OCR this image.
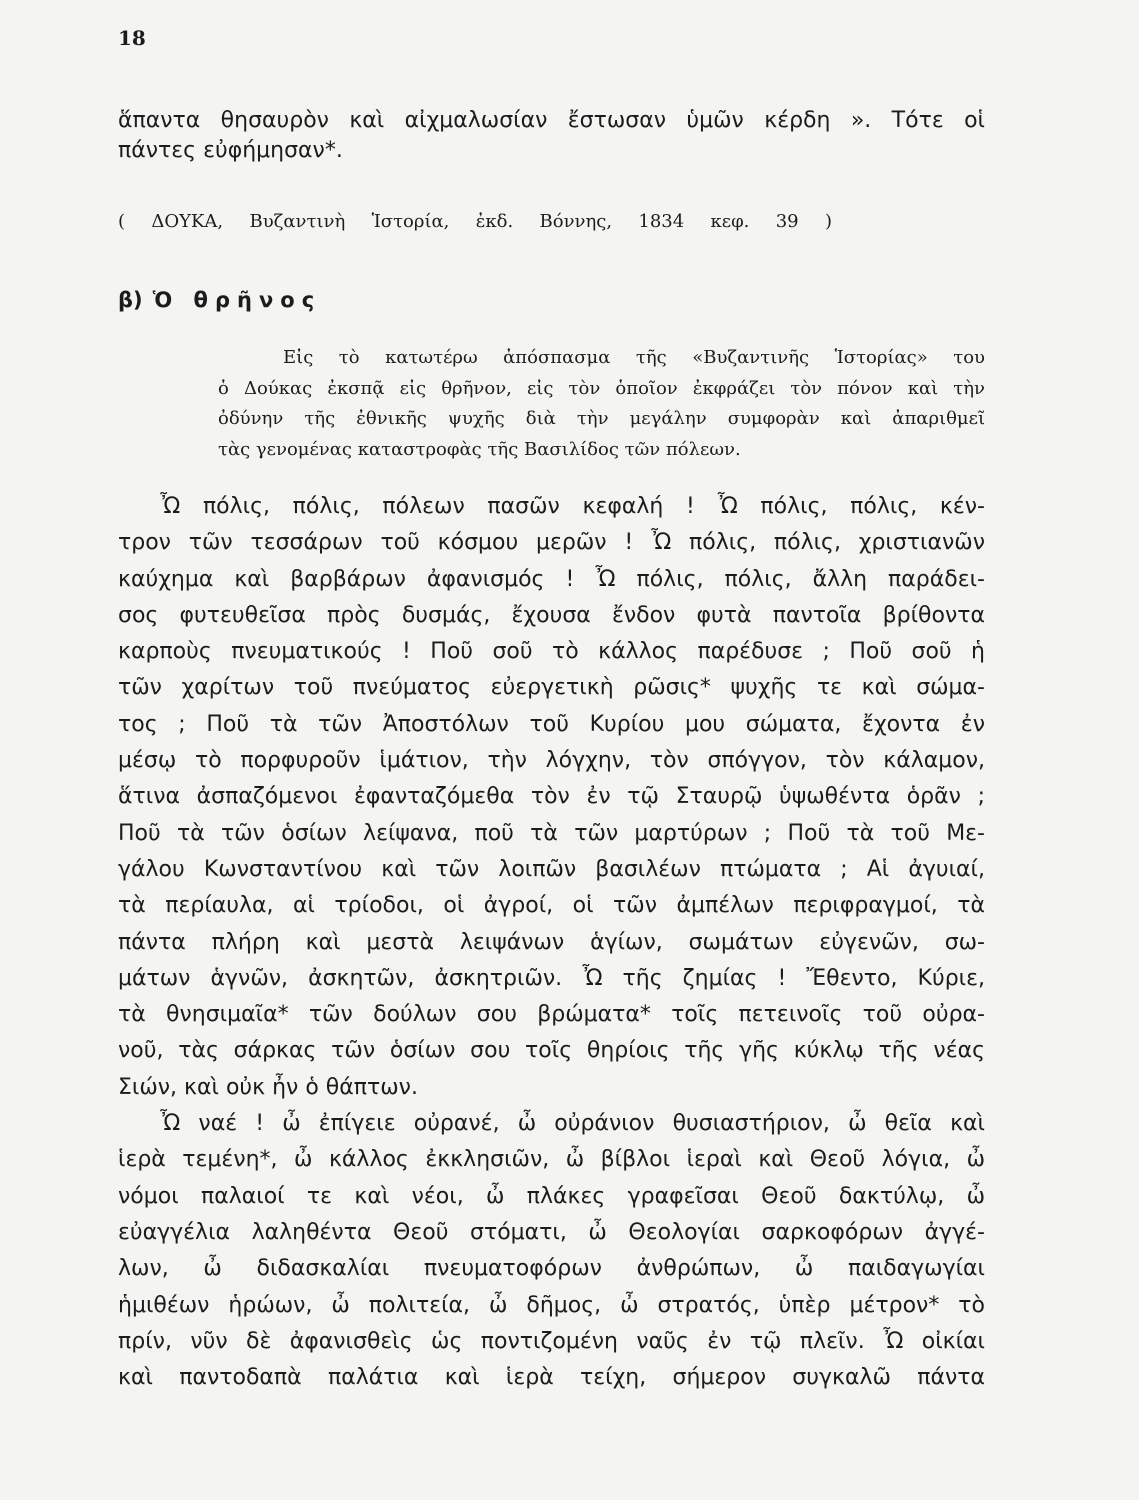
18
ἅπαντα θησαυρὸν καὶ αἰχμαλωσίαν ἔστωσαν ὑμῶν κέρδη ». Τότε οἱ
πάντες εὐφήμησαν*.
( ΔΟΥΚΑ, Βυζαντινὴ Ἱστορία, ἐκδ. Βόννης, 1834 κεφ. 39 )
β) Ὁ θρῆνος
Εἰς τὸ κατωτέρω ἀπόσπασμα τῆς «Βυζαντινῆς Ἱστορίας» του
ὁ Δούκας ἐκσπᾷ εἰς θρῆνον, εἰς τὸν ὁποῖον ἐκφράζει τὸν πόνον καὶ τὴν
ὀδύνην τῆς ἐθνικῆς ψυχῆς διὰ τὴν μεγάλην συμφορὰν καὶ ἀπαριθμεῖ
τὰς γενομένας καταστροφὰς τῆς Βασιλίδος τῶν πόλεων.
Ὦ πόλις, πόλις, πόλεων πασῶν κεφαλή ! Ὦ πόλις, πόλις, κέν-
τρον τῶν τεσσάρων τοῦ κόσμου μερῶν ! Ὦ πόλις, πόλις, χριστιανῶν
καύχημα καὶ βαρβάρων ἀφανισμός ! Ὦ πόλις, πόλις, ἄλλη παράδει-
σος φυτευθεῖσα πρὸς δυσμάς, ἔχουσα ἔνδον φυτὰ παντοῖα βρίθοντα
καρποὺς πνευματικούς ! Ποῦ σοῦ τὸ κάλλος παρέδυσε ; Ποῦ σοῦ ἡ
τῶν χαρίτων τοῦ πνεύματος εὐεργετικὴ ρῶσις* ψυχῆς τε καὶ σώμα-
τος ; Ποῦ τὰ τῶν Ἀποστόλων τοῦ Κυρίου μου σώματα, ἔχοντα ἐν
μέσῳ τὸ πορφυροῦν ἱμάτιον, τὴν λόγχην, τὸν σπόγγον, τὸν κάλαμον,
ἅτινα ἀσπαζόμενοι ἐφανταζόμεθα τὸν ἐν τῷ Σταυρῷ ὑψωθέντα ὁρᾶν ;
Ποῦ τὰ τῶν ὁσίων λείψανα, ποῦ τὰ τῶν μαρτύρων ; Ποῦ τὰ τοῦ Με-
γάλου Κωνσταντίνου καὶ τῶν λοιπῶν βασιλέων πτώματα ; Αἱ ἀγυιαί,
τὰ περίαυλα, αἱ τρίοδοι, οἱ ἀγροί, οἱ τῶν ἀμπέλων περιφραγμοί, τὰ
πάντα πλήρη καὶ μεστὰ λειψάνων ἁγίων, σωμάτων εὐγενῶν, σω-
μάτων ἁγνῶν, ἀσκητῶν, ἀσκητριῶν. Ὦ τῆς ζημίας ! Ἔθεντο, Κύριε,
τὰ θνησιμαῖα* τῶν δούλων σου βρώματα* τοῖς πετεινοῖς τοῦ οὐρα-
νοῦ, τὰς σάρκας τῶν ὁσίων σου τοῖς θηρίοις τῆς γῆς κύκλῳ τῆς νέας
Σιών, καὶ οὐκ ἦν ὁ θάπτων.
Ὦ ναέ ! ὦ ἐπίγειε οὐρανέ, ὦ οὐράνιον θυσιαστήριον, ὦ θεῖα καὶ
ἱερὰ τεμένη*, ὦ κάλλος ἐκκλησιῶν, ὦ βίβλοι ἱεραὶ καὶ Θεοῦ λόγια, ὦ
νόμοι παλαιοί τε καὶ νέοι, ὦ πλάκες γραφεῖσαι Θεοῦ δακτύλῳ, ὦ
εὐαγγέλια λαληθέντα Θεοῦ στόματι, ὦ Θεολογίαι σαρκοφόρων ἀγγέ-
λων, ὦ διδασκαλίαι πνευματοφόρων ἀνθρώπων, ὦ παιδαγωγίαι
ἡμιθέων ἡρώων, ὦ πολιτεία, ὦ δῆμος, ὦ στρατός, ὑπὲρ μέτρον* τὸ
πρίν, νῦν δὲ ἀφανισθεὶς ὡς ποντιζομένη ναῦς ἐν τῷ πλεῖν. Ὦ οἰκίαι
καὶ παντοδαπὰ παλάτια καὶ ἱερὰ τείχη, σήμερον συγκαλῶ πάντα
